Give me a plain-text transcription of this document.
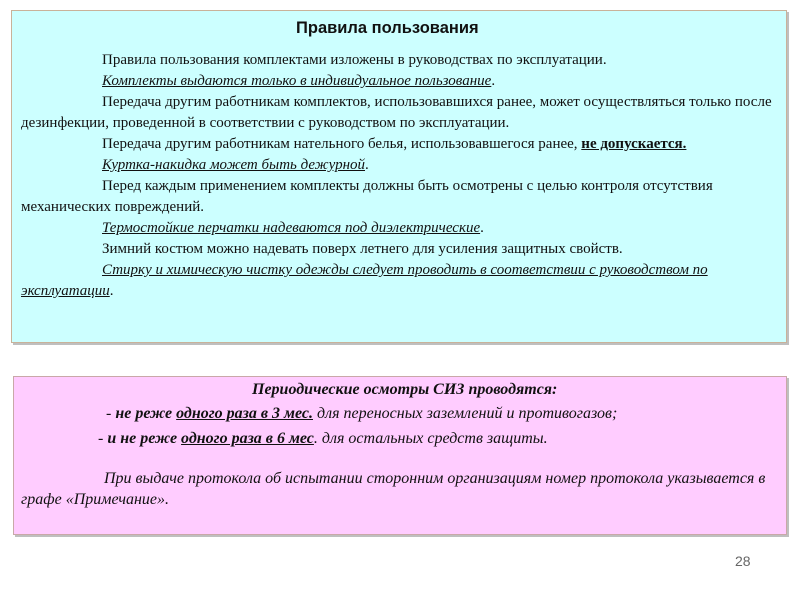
Правила пользования

Правила пользования комплектами изложены в руководствах по эксплуатации.

Комплекты выдаются только в индивидуальное пользование.

Передача другим работникам комплектов, использовавшихся ранее, может осуществляться только после дезинфекции, проведенной в соответствии с руководством по эксплуатации.

Передача другим работникам нательного белья, использовавшегося ранее, не допускается.

Куртка-накидка может быть дежурной.

Перед каждым применением комплекты должны быть осмотрены с целью контроля отсутствия механических повреждений.

Термостойкие перчатки надеваются под диэлектрические.

Зимний костюм можно надевать поверх летнего для усиления защитных свойств.

Стирку и химическую чистку одежды следует проводить в соответствии с руководством по эксплуатации.

Периодические осмотры СИЗ проводятся:
- не реже одного раза в 3 мес. для переносных заземлений и противогазов;
- и не реже одного раза в 6 мес. для остальных средств защиты.

При выдаче протокола об испытании сторонним организациям номер протокола указывается в графе «Примечание».

28
